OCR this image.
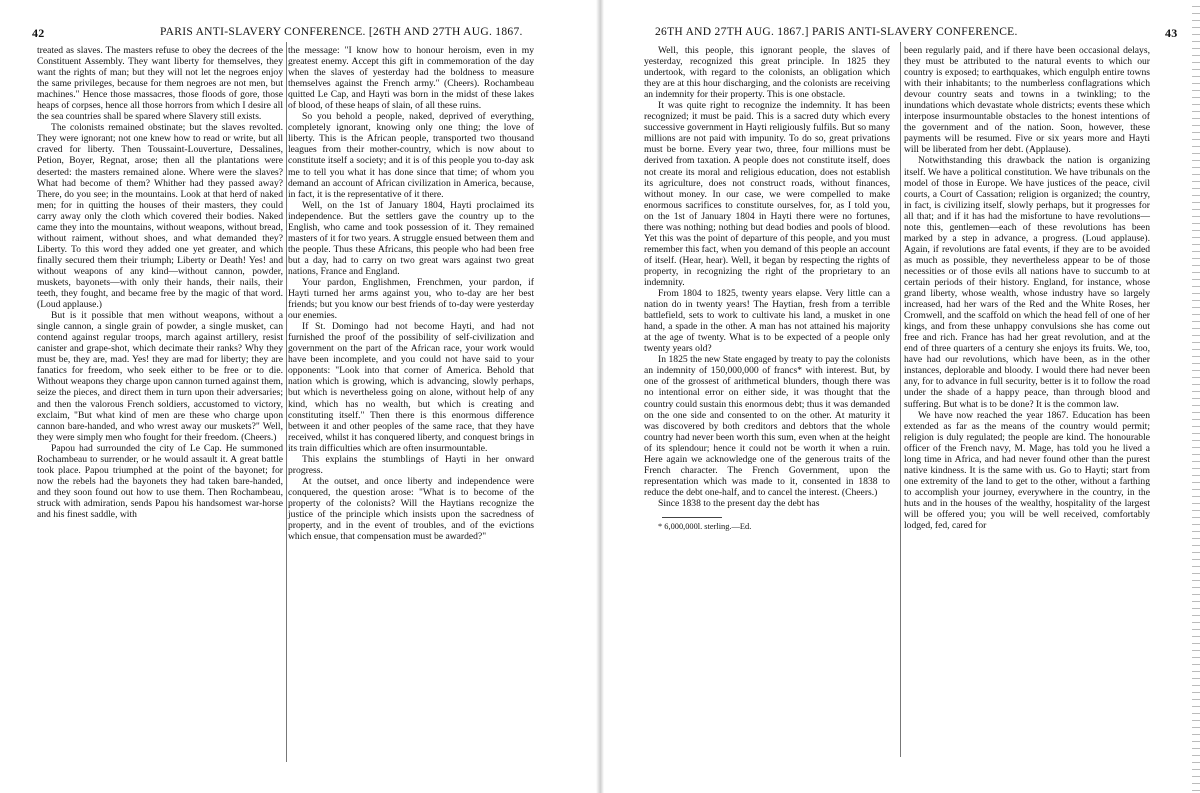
42	PARIS ANTI-SLAVERY CONFERENCE. [26TH AND 27TH AUG. 1867.

treated as slaves. The masters refuse to obey the decrees of the Constituent Assembly. They want liberty for themselves, they want the rights of man; but they will not let the negroes enjoy the same privileges, because for them negroes are not men, but machines." Hence those massacres, those floods of gore, those heaps of corpses, hence all those horrors from which I desire all the sea countries shall be spared where Slavery still exists.

The colonists remained obstinate; but the slaves revolted. They were ignorant; not one knew how to read or write, but all craved for liberty. Then Toussaint-Louverture, Dessalines, Petion, Boyer, Regnat, arose; then all the plantations were deserted: the masters remained alone. Where were the slaves? What had become of them? Whither had they passed away? There, do you see; in the mountains. Look at that herd of naked men; for in quitting the houses of their masters, they could carry away only the cloth which covered their bodies. Naked came they into the mountains, without weapons, without bread, without raiment, without shoes, and what demanded they? Liberty. To this word they added one yet greater, and which finally secured them their triumph; Liberty or Death! Yes! and without weapons of any kind—without cannon, powder, muskets, bayonets—with only their hands, their nails, their teeth, they fought, and became free by the magic of that word. (Loud applause.)

But is it possible that men without weapons, without a single cannon, a single grain of powder, a single musket, can contend against regular troops, march against artillery, resist canister and grape-shot, which decimate their ranks? Why they must be, they are, mad. Yes! they are mad for liberty; they are fanatics for freedom, who seek either to be free or to die. Without weapons they charge upon cannon turned against them, seize the pieces, and direct them in turn upon their adversaries; and then the valorous French soldiers, accustomed to victory, exclaim, "But what kind of men are these who charge upon cannon bare-handed, and who wrest away our muskets?" Well, they were simply men who fought for their freedom. (Cheers.)

Papou had surrounded the city of Le Cap. He summoned Rochambeau to surrender, or he would assault it. A great battle took place. Papou triumphed at the point of the bayonet; for now the rebels had the bayonets they had taken bare-handed, and they soon found out how to use them. Then Rochambeau, struck with admiration, sends Papou his handsomest war-horse and his finest saddle, with

the message: "I know how to honour heroism, even in my greatest enemy. Accept this gift in commemoration of the day when the slaves of yesterday had the boldness to measure themselves against the French army." (Cheers). Rochambeau quitted Le Cap, and Hayti was born in the midst of these lakes of blood, of these heaps of slain, of all these ruins.

So you behold a people, naked, deprived of everything, completely ignorant, knowing only one thing; the love of liberty. This is the African people, transported two thousand leagues from their mother-country, which is now about to constitute itself a society; and it is of this people you to-day ask me to tell you what it has done since that time; of whom you demand an account of African civilization in America, because, in fact, it is the representative of it there.

Well, on the 1st of January 1804, Hayti proclaimed its independence. But the settlers gave the country up to the English, who came and took possession of it. They remained masters of it for two years. A struggle ensued between them and the people. Thus these Africans, this people who had been free but a day, had to carry on two great wars against two great nations, France and England.

Your pardon, Englishmen, Frenchmen, your pardon, if Hayti turned her arms against you, who to-day are her best friends; but you know our best friends of to-day were yesterday our enemies.

If St. Domingo had not become Hayti, and had not furnished the proof of the possibility of self-civilization and government on the part of the African race, your work would have been incomplete, and you could not have said to your opponents: "Look into that corner of America. Behold that nation which is growing, which is advancing, slowly perhaps, but which is nevertheless going on alone, without help of any kind, which has no wealth, but which is creating and constituting itself." Then there is this enormous difference between it and other peoples of the same race, that they have received, whilst it has conquered liberty, and conquest brings in its train difficulties which are often insurmountable.

This explains the stumblings of Hayti in her onward progress.

At the outset, and once liberty and independence were conquered, the question arose: "What is to become of the property of the colonists? Will the Haytians recognize the justice of the principle which insists upon the sacredness of property, and in the event of troubles, and of the evictions which ensue, that compensation must be awarded?"

26TH AND 27TH AUG. 1867.] PARIS ANTI-SLAVERY CONFERENCE.	43

Well, this people, this ignorant people, the slaves of yesterday, recognized this great principle. In 1825 they undertook, with regard to the colonists, an obligation which they are at this hour discharging, and the colonists are receiving an indemnity for their property. This is one obstacle.

It was quite right to recognize the indemnity. It has been recognized; it must be paid. This is a sacred duty which every successive government in Hayti religiously fulfils. But so many millions are not paid with impunity. To do so, great privations must be borne. Every year two, three, four millions must be derived from taxation. A people does not constitute itself, does not create its moral and religious education, does not establish its agriculture, does not construct roads, without finances, without money. In our case, we were compelled to make enormous sacrifices to constitute ourselves, for, as I told you, on the 1st of January 1804 in Hayti there were no fortunes, there was nothing; nothing but dead bodies and pools of blood. Yet this was the point of departure of this people, and you must remember this fact, when you demand of this people an account of itself. (Hear, hear). Well, it began by respecting the rights of property, in recognizing the right of the proprietary to an indemnity.

From 1804 to 1825, twenty years elapse. Very little can a nation do in twenty years! The Haytian, fresh from a terrible battlefield, sets to work to cultivate his land, a musket in one hand, a spade in the other. A man has not attained his majority at the age of twenty. What is to be expected of a people only twenty years old?

In 1825 the new State engaged by treaty to pay the colonists an indemnity of 150,000,000 of francs* with interest. But, by one of the grossest of arithmetical blunders, though there was no intentional error on either side, it was thought that the country could sustain this enormous debt; thus it was demanded on the one side and consented to on the other. At maturity it was discovered by both creditors and debtors that the whole country had never been worth this sum, even when at the height of its splendour; hence it could not be worth it when a ruin. Here again we acknowledge one of the generous traits of the French character. The French Government, upon the representation which was made to it, consented in 1838 to reduce the debt one-half, and to cancel the interest. (Cheers.)

Since 1838 to the present day the debt has

* 6,000,000l. sterling.—Ed.

been regularly paid, and if there have been occasional delays, they must be attributed to the natural events to which our country is exposed; to earthquakes, which engulph entire towns with their inhabitants; to the numberless conflagrations which devour country seats and towns in a twinkling; to the inundations which devastate whole districts; events these which interpose insurmountable obstacles to the honest intentions of the government and of the nation. Soon, however, these payments will be resumed. Five or six years more and Hayti will be liberated from her debt. (Applause).

Notwithstanding this drawback the nation is organizing itself. We have a political constitution. We have tribunals on the model of those in Europe. We have justices of the peace, civil courts, a Court of Cassation; religion is organized; the country, in fact, is civilizing itself, slowly perhaps, but it progresses for all that; and if it has had the misfortune to have revolutions—note this, gentlemen—each of these revolutions has been marked by a step in advance, a progress. (Loud applause). Again, if revolutions are fatal events, if they are to be avoided as much as possible, they nevertheless appear to be of those necessities or of those evils all nations have to succumb to at certain periods of their history. England, for instance, whose grand liberty, whose wealth, whose industry have so largely increased, had her wars of the Red and the White Roses, her Cromwell, and the scaffold on which the head fell of one of her kings, and from these unhappy convulsions she has come out free and rich. France has had her great revolution, and at the end of three quarters of a century she enjoys its fruits. We, too, have had our revolutions, which have been, as in the other instances, deplorable and bloody. I would there had never been any, for to advance in full security, better is it to follow the road under the shade of a happy peace, than through blood and suffering. But what is to be done? It is the common law.

We have now reached the year 1867. Education has been extended as far as the means of the country would permit; religion is duly regulated; the people are kind. The honourable officer of the French navy, M. Mage, has told you he lived a long time in Africa, and had never found other than the purest native kindness. It is the same with us. Go to Hayti; start from one extremity of the land to get to the other, without a farthing to accomplish your journey, everywhere in the country, in the huts and in the houses of the wealthy, hospitality of the largest will be offered you; you will be well received, comfortably lodged, fed, cared for
